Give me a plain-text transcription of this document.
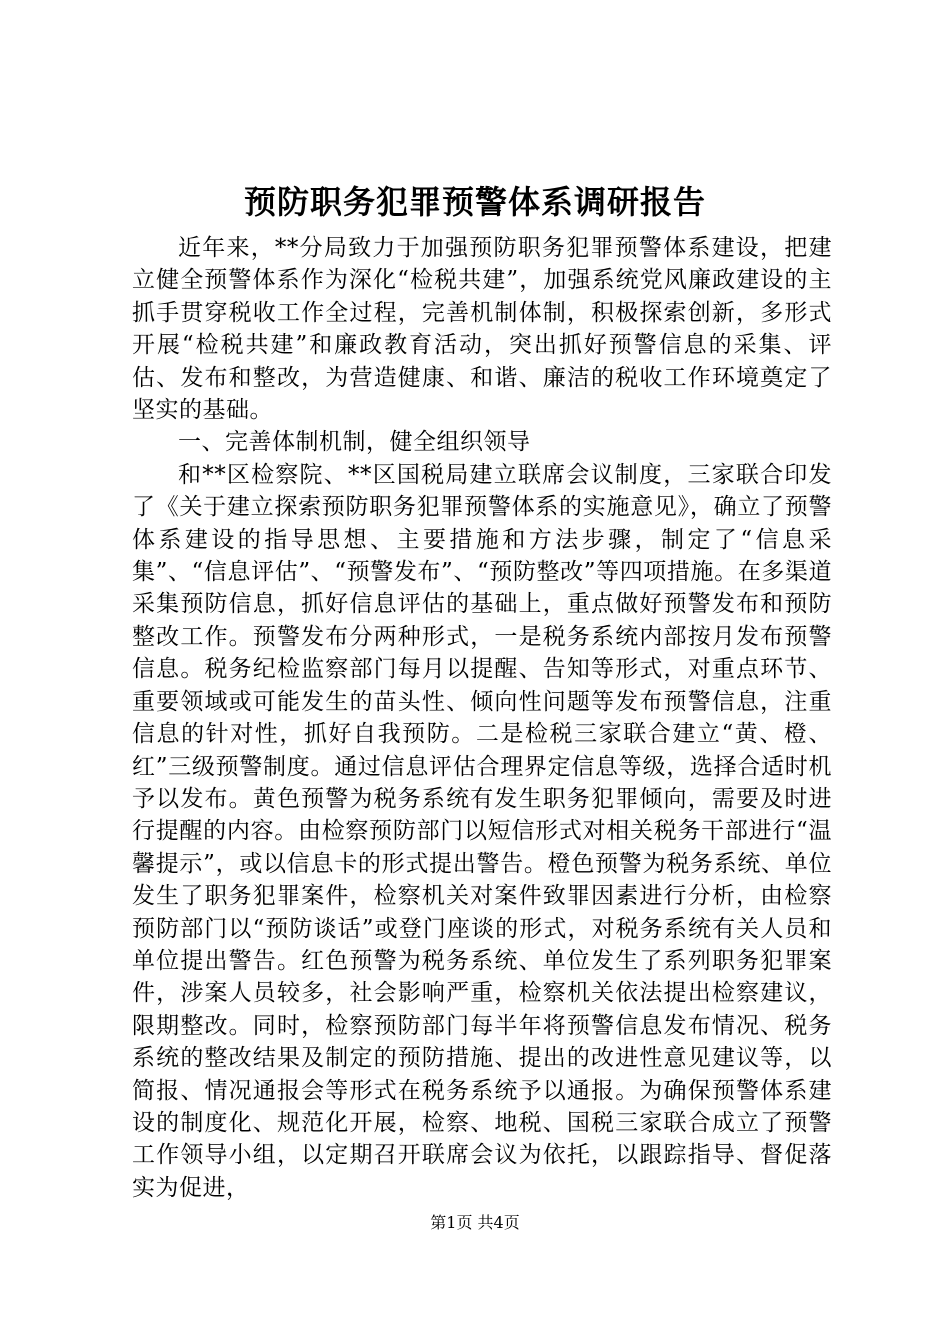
预防职务犯罪预警体系调研报告

近年来，**分局致力于加强预防职务犯罪预警体系建设，把建立健全预警体系作为深化“检税共建”，加强系统党风廉政建设的主抓手贯穿税收工作全过程，完善机制体制，积极探索创新，多形式开展“检税共建”和廉政教育活动，突出抓好预警信息的采集、评估、发布和整改，为营造健康、和谐、廉洁的税收工作环境奠定了坚实的基础。

一、完善体制机制，健全组织领导

和**区检察院、**区国税局建立联席会议制度，三家联合印发了《关于建立探索预防职务犯罪预警体系的实施意见》，确立了预警体系建设的指导思想、主要措施和方法步骤，制定了“信息采集”、“信息评估”、“预警发布”、“预防整改”等四项措施。在多渠道采集预防信息，抓好信息评估的基础上，重点做好预警发布和预防整改工作。预警发布分两种形式，一是税务系统内部按月发布预警信息。税务纪检监察部门每月以提醒、告知等形式，对重点环节、重要领域或可能发生的苗头性、倾向性问题等发布预警信息，注重信息的针对性，抓好自我预防。二是检税三家联合建立“黄、橙、红”三级预警制度。通过信息评估合理界定信息等级，选择合适时机予以发布。黄色预警为税务系统有发生职务犯罪倾向，需要及时进行提醒的内容。由检察预防部门以短信形式对相关税务干部进行“温馨提示”，或以信息卡的形式提出警告。橙色预警为税务系统、单位发生了职务犯罪案件，检察机关对案件致罪因素进行分析，由检察预防部门以“预防谈话”或登门座谈的形式，对税务系统有关人员和单位提出警告。红色预警为税务系统、单位发生了系列职务犯罪案件，涉案人员较多，社会影响严重，检察机关依法提出检察建议，限期整改。同时，检察预防部门每半年将预警信息发布情况、税务系统的整改结果及制定的预防措施、提出的改进性意见建议等，以简报、情况通报会等形式在税务系统予以通报。为确保预警体系建设的制度化、规范化开展，检察、地税、国税三家联合成立了预警工作领导小组，以定期召开联席会议为依托，以跟踪指导、督促落实为促进，

第1页 共4页
